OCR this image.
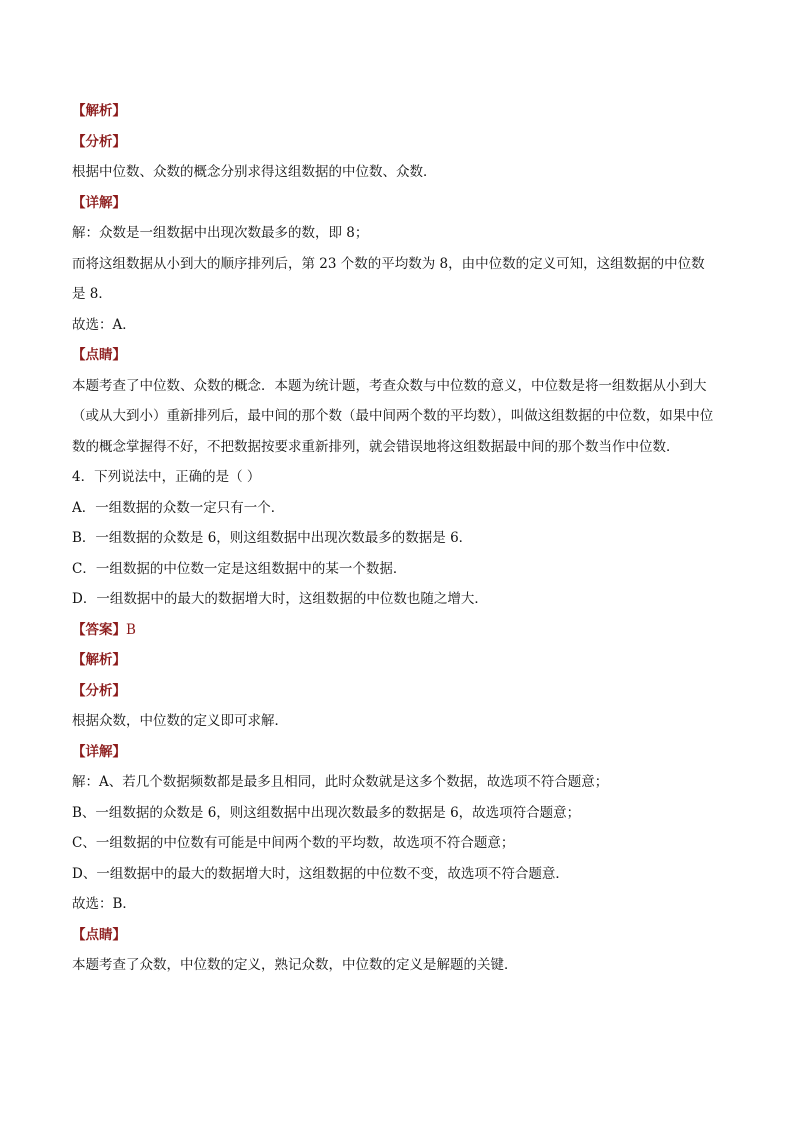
【解析】
【分析】
根据中位数、众数的概念分别求得这组数据的中位数、众数．
【详解】
解：众数是一组数据中出现次数最多的数，即 8；
而将这组数据从小到大的顺序排列后，第 23 个数的平均数为 8，由中位数的定义可知，这组数据的中位数
是 8．
故选：A．
【点睛】
本题考查了中位数、众数的概念．本题为统计题，考查众数与中位数的意义，中位数是将一组数据从小到大（或从大到小）重新排列后，最中间的那个数（最中间两个数的平均数），叫做这组数据的中位数，如果中位数的概念掌握得不好，不把数据按要求重新排列，就会错误地将这组数据最中间的那个数当作中位数．
4．下列说法中，正确的是（ ）
A．一组数据的众数一定只有一个．
B．一组数据的众数是 6，则这组数据中出现次数最多的数据是 6．
C．一组数据的中位数一定是这组数据中的某一个数据．
D．一组数据中的最大的数据增大时，这组数据的中位数也随之增大．
【答案】B
【解析】
【分析】
根据众数，中位数的定义即可求解．
【详解】
解：A、若几个数据频数都是最多且相同，此时众数就是这多个数据，故选项不符合题意；
B、一组数据的众数是 6，则这组数据中出现次数最多的数据是 6，故选项符合题意；
C、一组数据的中位数有可能是中间两个数的平均数，故选项不符合题意；
D、一组数据中的最大的数据增大时，这组数据的中位数不变，故选项不符合题意．
故选：B．
【点睛】
本题考查了众数，中位数的定义，熟记众数，中位数的定义是解题的关键．
